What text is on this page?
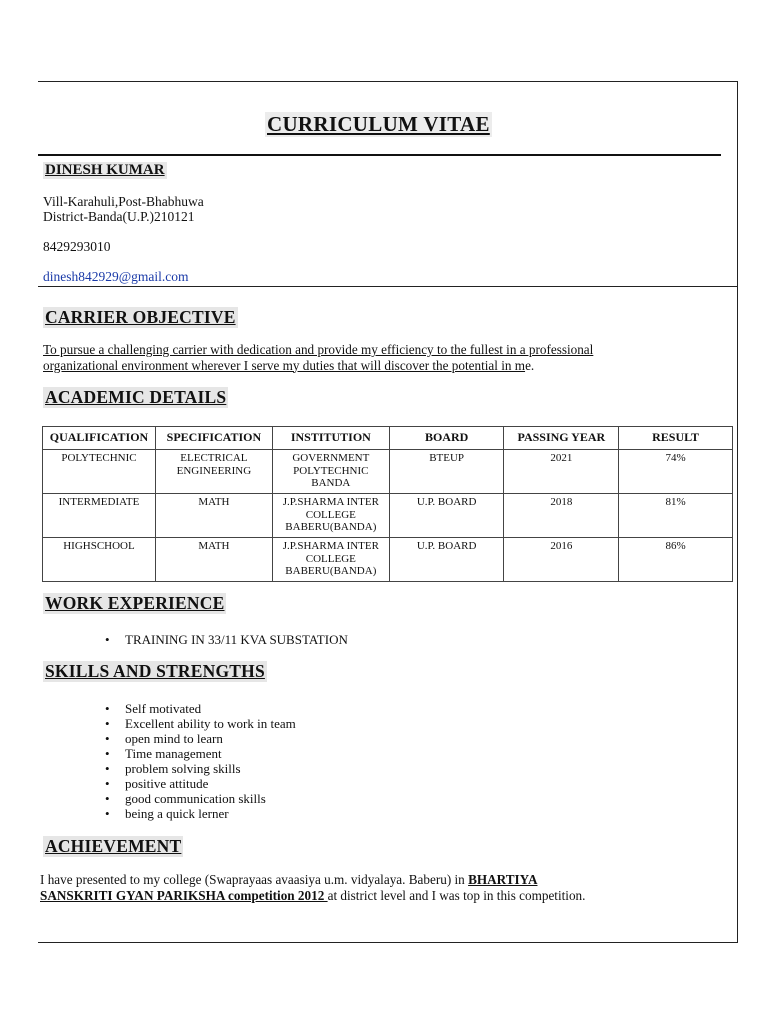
CURRICULUM VITAE
DINESH KUMAR
Vill-Karahuli,Post-Bhabhuwa
District-Banda(U.P.)210121
8429293010
dinesh842929@gmail.com
CARRIER OBJECTIVE
To pursue a challenging carrier with dedication and provide my efficiency to the fullest in a professional
organizational environment wherever I serve my duties that will discover the potential in me.
ACADEMIC DETAILS
QUALIFICATION	SPECIFICATION	INSTITUTION	BOARD	PASSING YEAR	RESULT
POLYTECHNIC	ELECTRICAL ENGINEERING	GOVERNMENT POLYTECHNIC BANDA	BTEUP	2021	74%
INTERMEDIATE	MATH	J.P.SHARMA INTER COLLEGE BABERU(BANDA)	U.P. BOARD	2018	81%
HIGHSCHOOL	MATH	J.P.SHARMA INTER COLLEGE BABERU(BANDA)	U.P. BOARD	2016	86%
WORK EXPERIENCE
• TRAINING IN 33/11 KVA SUBSTATION
SKILLS AND STRENGTHS
• Self motivated
• Excellent ability to work in team
• open mind to learn
• Time management
• problem solving skills
• positive attitude
• good communication skills
• being a quick lerner
ACHIEVEMENT
I have presented to my college (Swaprayaas avaasiya u.m. vidyalaya. Baberu) in BHARTIYA
SANSKRITI GYAN PARIKSHA competition 2012 at district level and I was top in this competition.
